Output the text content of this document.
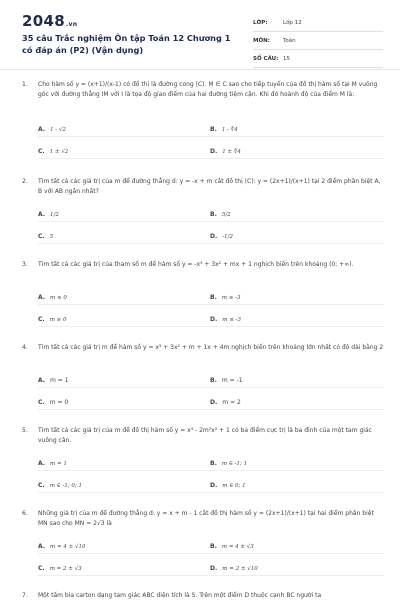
2048.vn
35 câu Trắc nghiệm Ôn tập Toán 12 Chương 1 có đáp án (P2) (Vận dụng)
LỚP:	Lớp 12
MÔN:	Toán
SỐ CÂU: 15
1. Cho hàm số y = (x+1)/(x-1) có đồ thị là đường cong (C). M ∈ C sao cho tiếp tuyến của đồ thị hàm số tại M vuông góc với đường thẳng IM với I là tọa độ giao điểm của hai đường tiệm cận. Khi đó hoành độ của điểm M là:
A. 1 - √2	B. 1 - ∜4
C. 1 ± √2	D. 1 ± ∜4
2. Tìm tất cả các giá trị của m để đường thẳng d: y = -x + m cắt đồ thị (C): y = (2x+1)/(x+1) tại 2 điểm phân biệt A, B với AB ngắn nhất?
A. 1/2	B. 5/2
C. 5	D. -1/2
3. Tìm tất cả các giá trị của tham số m để hàm số y = -x³ + 3x² + mx + 1 nghịch biến trên khoảng (0; +∞).
A. m ≤ 0	B. m ≥ -3
C. m ≥ 0	D. m ≤ -3
4. Tìm tất cả các giá trị m để hàm số y = x³ + 3x² + m + 1x + 4m nghịch biến trên khoảng lớn nhất có độ dài bằng 2
A. m = 1	B. m = -1
C. m = 0	D. m = 2
5. Tìm tất cả các giá trị của m để đồ thị hàm số y = x⁴ - 2m²x² + 1 có ba điểm cực trị là ba đỉnh của một tam giác vuông cân.
A. m = 1	B. m ∈ -1; 1
C. m ∈ -1; 0; 1	D. m ∈ 0; 1
6. Những giá trị của m để đường thẳng d: y = x + m - 1 cắt đồ thị hàm số y = (2x+1)/(x+1) tại hai điểm phân biệt MN sao cho MN = 2√3 là
A. m = 4 ± √10	B. m = 4 ± √3
C. m = 2 ± √3	D. m = 2 ± √10
7. Một tấm bìa carton dạng tam giác ABC diện tích là S. Trên một điểm D thuộc cạnh BC người ta
